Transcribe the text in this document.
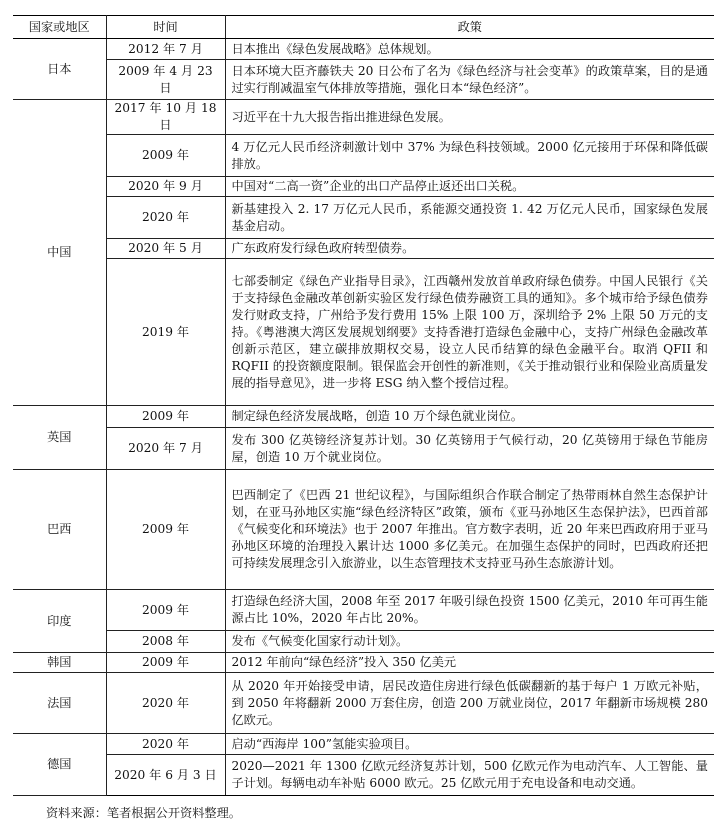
国家或地区	时间	政策
日本	2012 年 7 月	日本推出《绿色发展战略》总体规划。
	2009 年 4 月 23 日	日本环境大臣齐藤铁夫 20 日公布了名为《绿色经济与社会变革》的政策草案，目的是通过实行削减温室气体排放等措施，强化日本“绿色经济”。
中国	2017 年 10 月 18 日	习近平在十九大报告指出推进绿色发展。
	2009 年	4 万亿元人民币经济刺激计划中 37% 为绿色科技领域。2000 亿元接用于环保和降低碳排放。
	2020 年 9 月	中国对“二高一资”企业的出口产品停止返还出口关税。
	2020 年	新基建投入 2. 17 万亿元人民币，系能源交通投资 1. 42 万亿元人民币，国家绿色发展基金启动。
	2020 年 5 月	广东政府发行绿色政府转型债券。
	2019 年	七部委制定《绿色产业指导目录》，江西赣州发放首单政府绿色债券。中国人民银行《关于支持绿色金融改革创新实验区发行绿色债券融资工具的通知》。多个城市给予绿色债券发行财政支持，广州给予发行费用 15% 上限 100 万，深圳给予 2% 上限 50 万元的支持。《粤港澳大湾区发展规划纲要》支持香港打造绿色金融中心，支持广州绿色金融改革创新示范区，建立碳排放期权交易，设立人民币结算的绿色金融平台。取消 QFII 和 RQFII 的投资额度限制。银保监会开创性的新准则，《关于推动银行业和保险业高质量发展的指导意见》，进一步将 ESG 纳入整个授信过程。
英国	2009 年	制定绿色经济发展战略，创造 10 万个绿色就业岗位。
	2020 年 7 月	发布 300 亿英镑经济复苏计划。30 亿英镑用于气候行动，20 亿英镑用于绿色节能房屋，创造 10 万个就业岗位。
巴西	2009 年	巴西制定了《巴西 21 世纪议程》，与国际组织合作联合制定了热带雨林自然生态保护计划，在亚马孙地区实施“绿色经济特区”政策，颁布《亚马孙地区生态保护法》，巴西首部《气候变化和环境法》也于 2007 年推出。官方数字表明，近 20 年来巴西政府用于亚马孙地区环境的治理投入累计达 1000 多亿美元。在加强生态保护的同时，巴西政府还把可持续发展理念引入旅游业，以生态管理技术支持亚马孙生态旅游计划。
印度	2009 年	打造绿色经济大国，2008 年至 2017 年吸引绿色投资 1500 亿美元，2010 年可再生能源占比 10%，2020 年占比 20%。
	2008 年	发布《气候变化国家行动计划》。
韩国	2009 年	2012 年前向“绿色经济”投入 350 亿美元
法国	2020 年	从 2020 年开始接受申请，居民改造住房进行绿色低碳翻新的基于每户 1 万欧元补贴，到 2050 年将翻新 2000 万套住房，创造 200 万就业岗位，2017 年翻新市场规模 280 亿欧元。
德国	2020 年	启动“西海岸 100”氢能实验项目。
	2020 年 6 月 3 日	2020—2021 年 1300 亿欧元经济复苏计划，500 亿欧元作为电动汽车、人工智能、量子计划。每辆电动车补贴 6000 欧元。25 亿欧元用于充电设备和电动交通。
资料来源：笔者根据公开资料整理。
